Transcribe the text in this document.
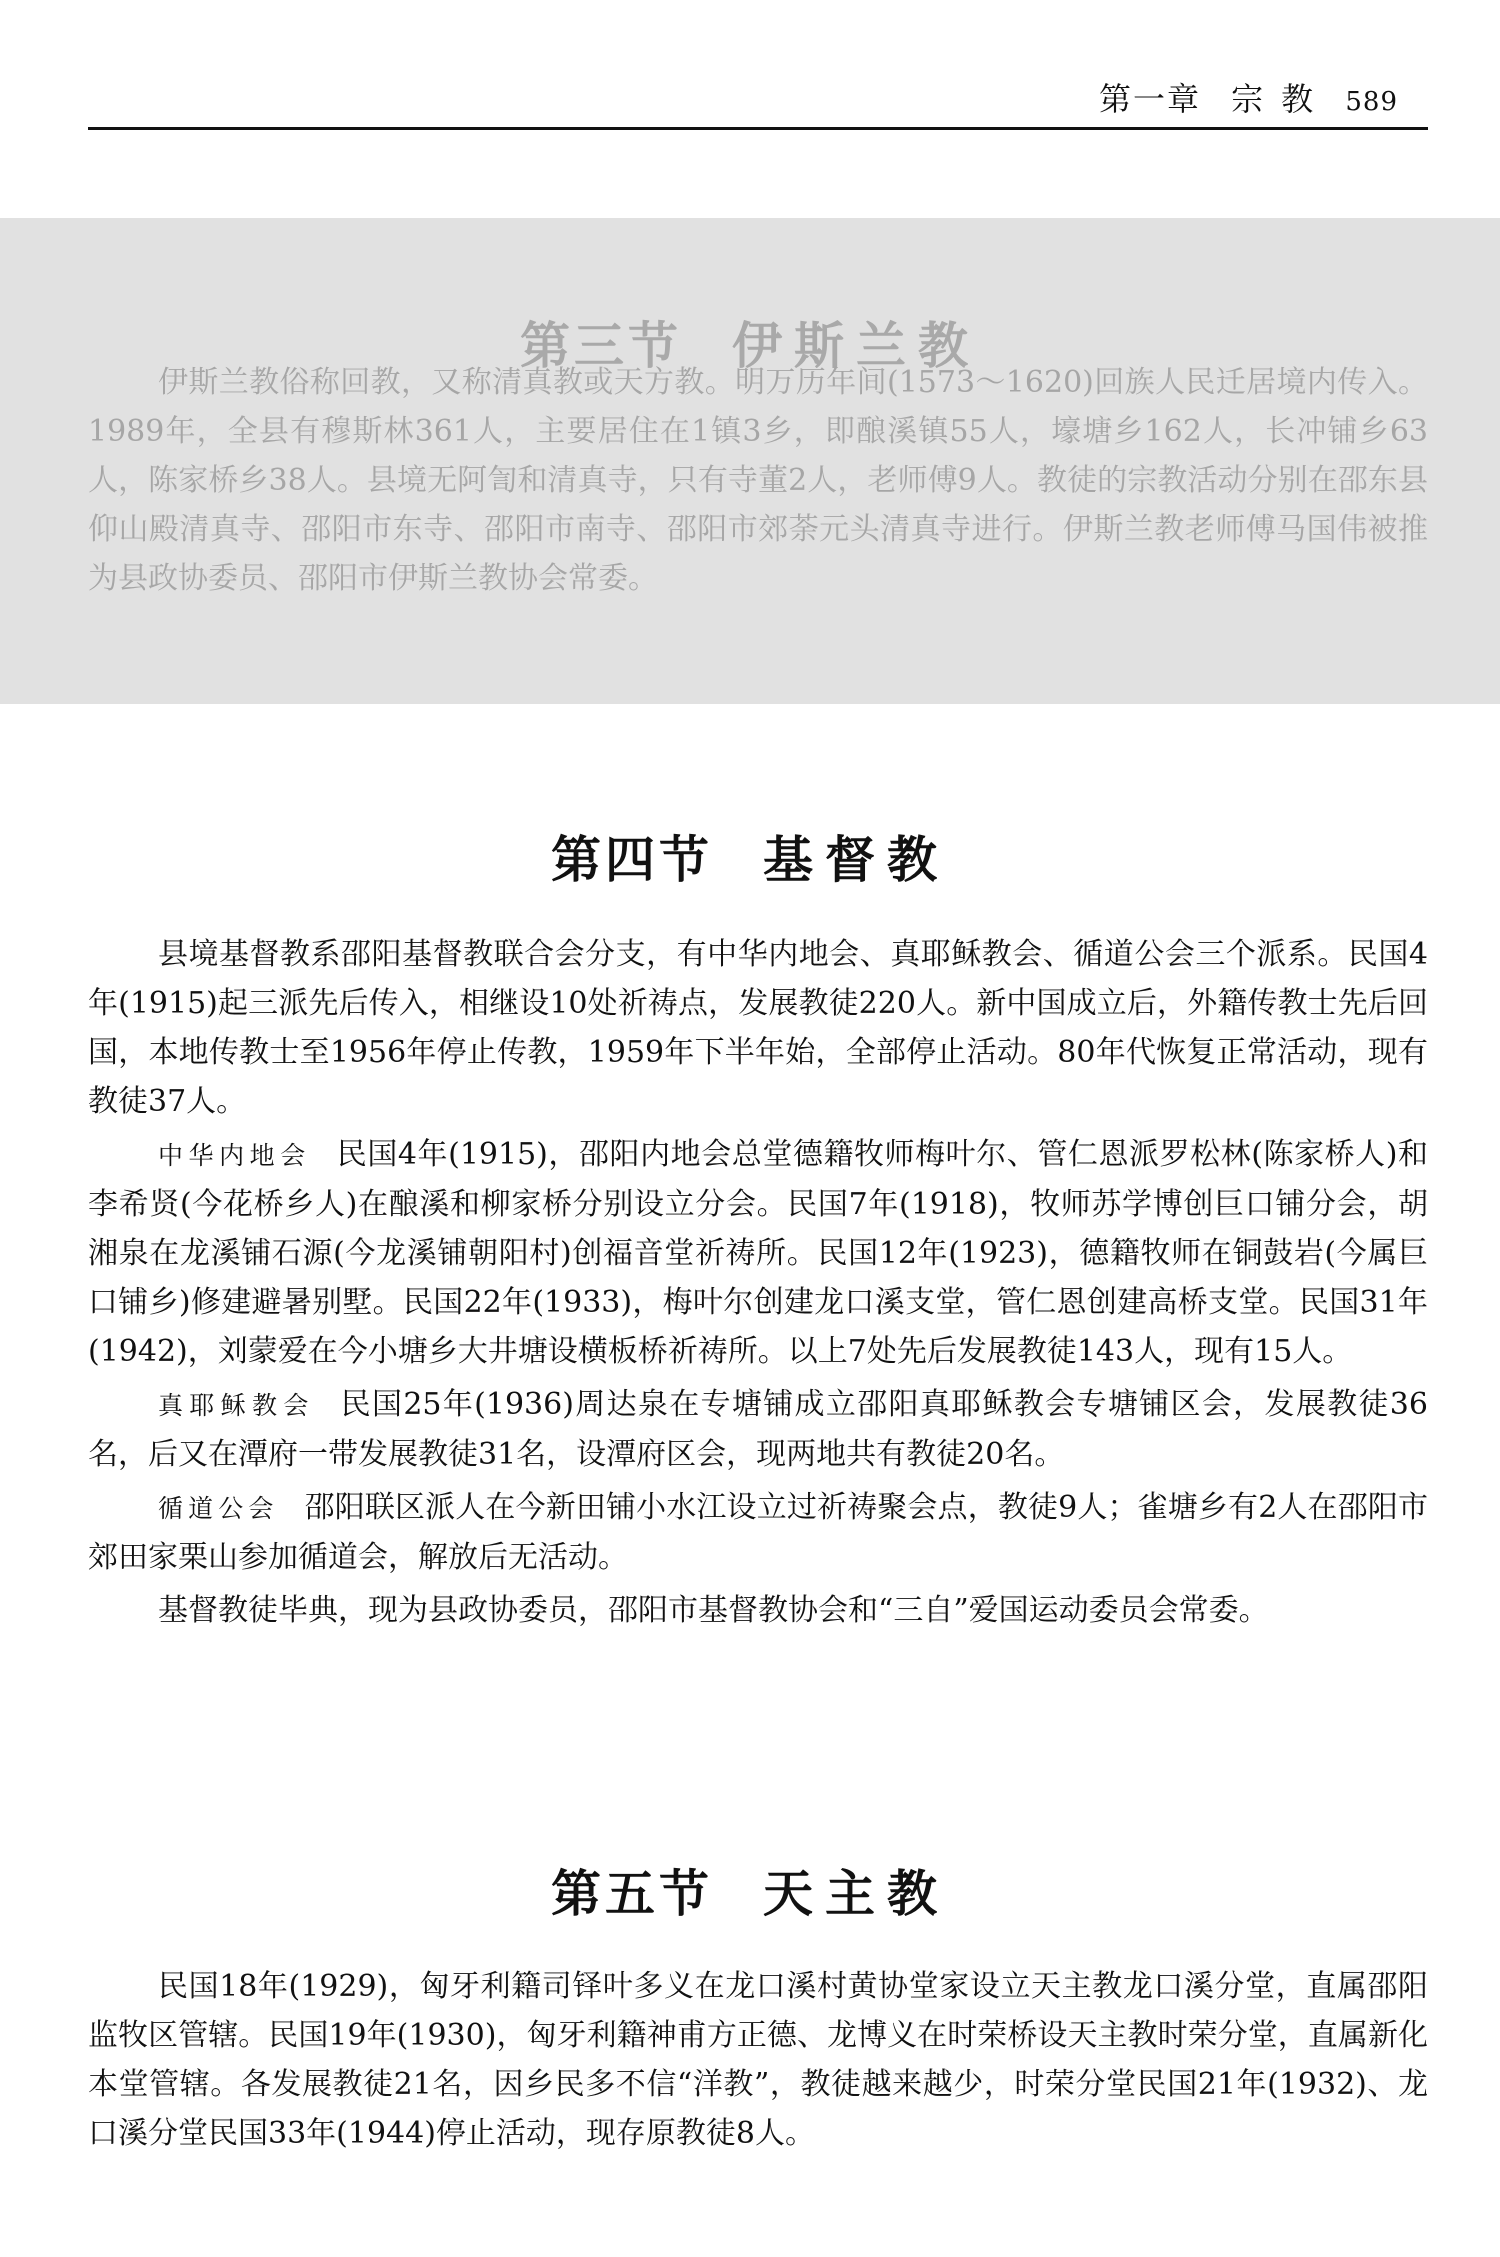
第一章 宗教 589
第三节 伊斯兰教

伊斯兰教俗称回教，又称清真教或天方教。明万历年间(1573～1620)回族人民迁居境内传入。1989年，全县有穆斯林361人，主要居住在1镇3乡，即酿溪镇55人，壕塘乡162人，长冲铺乡63人，陈家桥乡38人。县境无阿訇和清真寺，只有寺董2人，老师傅9人。教徒的宗教活动分别在邵东县仰山殿清真寺、邵阳市东寺、邵阳市南寺、邵阳市郊荼元头清真寺进行。伊斯兰教老师傅马国伟被推为县政协委员、邵阳市伊斯兰教协会常委。

第四节 基督教

县境基督教系邵阳基督教联合会分支，有中华内地会、真耶稣教会、循道公会三个派系。民国4年(1915)起三派先后传入，相继设10处祈祷点，发展教徒220人。新中国成立后，外籍传教士先后回国，本地传教士至1956年停止传教，1959年下半年始，全部停止活动。80年代恢复正常活动，现有教徒37人。

中华内地会 民国4年(1915)，邵阳内地会总堂德籍牧师梅叶尔、管仁恩派罗松林(陈家桥人)和李希贤(今花桥乡人)在酿溪和柳家桥分别设立分会。民国7年(1918)，牧师苏学博创巨口铺分会，胡湘泉在龙溪铺石源(今龙溪铺朝阳村)创福音堂祈祷所。民国12年(1923)，德籍牧师在铜鼓岩(今属巨口铺乡)修建避暑别墅。民国22年(1933)，梅叶尔创建龙口溪支堂，管仁恩创建高桥支堂。民国31年(1942)，刘蒙爱在今小塘乡大井塘设横板桥祈祷所。以上7处先后发展教徒143人，现有15人。

真耶稣教会 民国25年(1936)周达泉在专塘铺成立邵阳真耶稣教会专塘铺区会，发展教徒36名，后又在潭府一带发展教徒31名，设潭府区会，现两地共有教徒20名。

循道公会 邵阳联区派人在今新田铺小水江设立过祈祷聚会点，教徒9人；雀塘乡有2人在邵阳市郊田家栗山参加循道会，解放后无活动。

基督教徒毕典，现为县政协委员，邵阳市基督教协会和“三自”爱国运动委员会常委。

第五节 天主教

民国18年(1929)，匈牙利籍司铎叶多义在龙口溪村黄协堂家设立天主教龙口溪分堂，直属邵阳监牧区管辖。民国19年(1930)，匈牙利籍神甫方正德、龙博义在时荣桥设天主教时荣分堂，直属新化本堂管辖。各发展教徒21名，因乡民多不信“洋教”，教徒越来越少，时荣分堂民国21年(1932)、龙口溪分堂民国33年(1944)停止活动，现存原教徒8人。
